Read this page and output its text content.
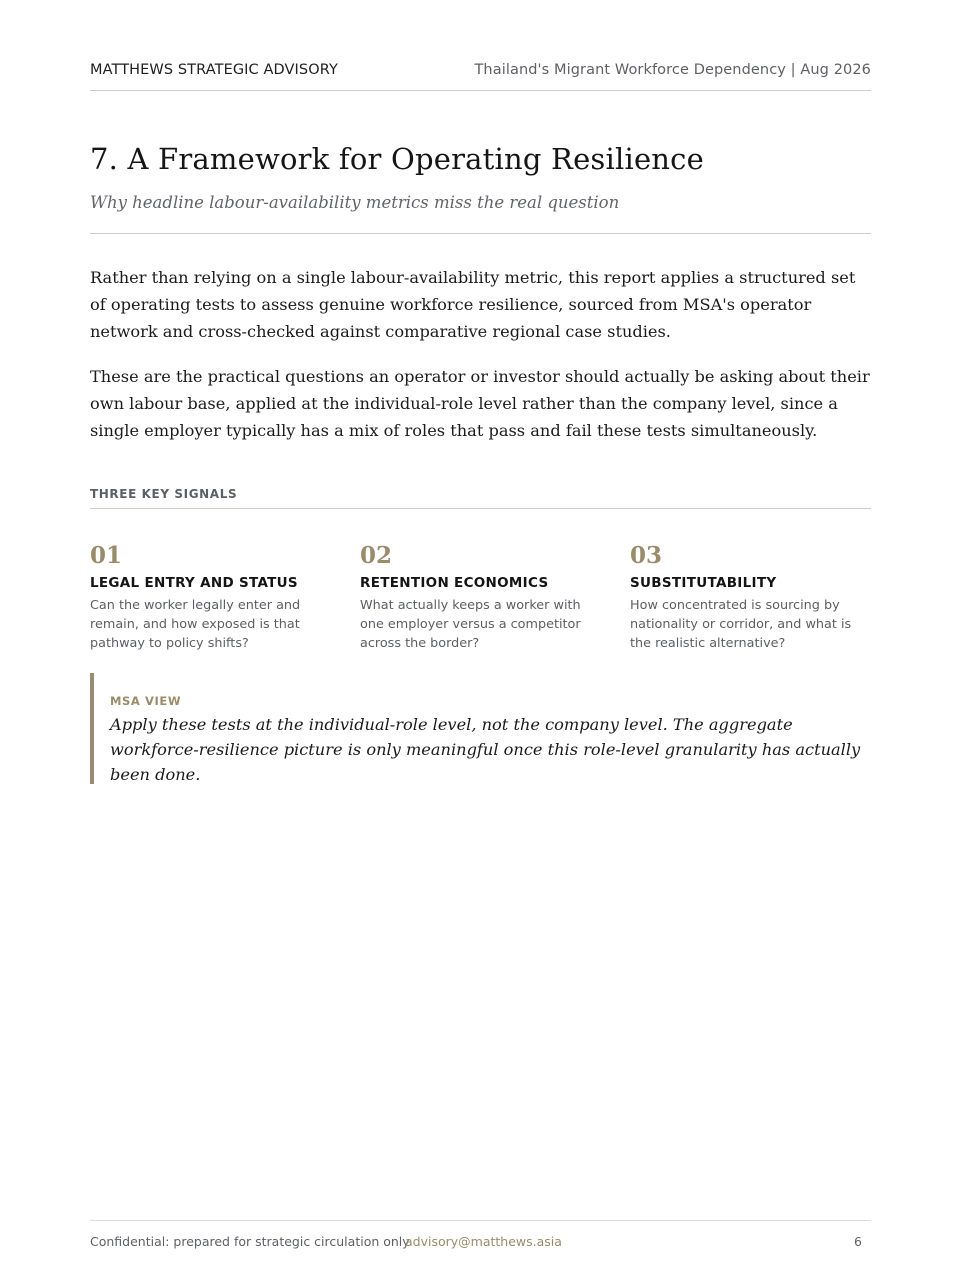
MATTHEWS STRATEGIC ADVISORY	Thailand's Migrant Workforce Dependency | Aug 2026
7. A Framework for Operating Resilience

Why headline labour-availability metrics miss the real question

Rather than relying on a single labour-availability metric, this report applies a structured set of operating tests to assess genuine workforce resilience, sourced from MSA's operator network and cross-checked against comparative regional case studies.

These are the practical questions an operator or investor should actually be asking about their own labour base, applied at the individual-role level rather than the company level, since a single employer typically has a mix of roles that pass and fail these tests simultaneously.

THREE KEY SIGNALS
01
LEGAL ENTRY AND STATUS
Can the worker legally enter and remain, and how exposed is that pathway to policy shifts?
02
RETENTION ECONOMICS
What actually keeps a worker with one employer versus a competitor across the border?
03
SUBSTITUTABILITY
How concentrated is sourcing by nationality or corridor, and what is the realistic alternative?
MSA VIEW

Apply these tests at the individual-role level, not the company level. The aggregate workforce-resilience picture is only meaningful once this role-level granularity has actually been done.

Confidential: prepared for strategic circulation only
advisory@matthews.asia	6
